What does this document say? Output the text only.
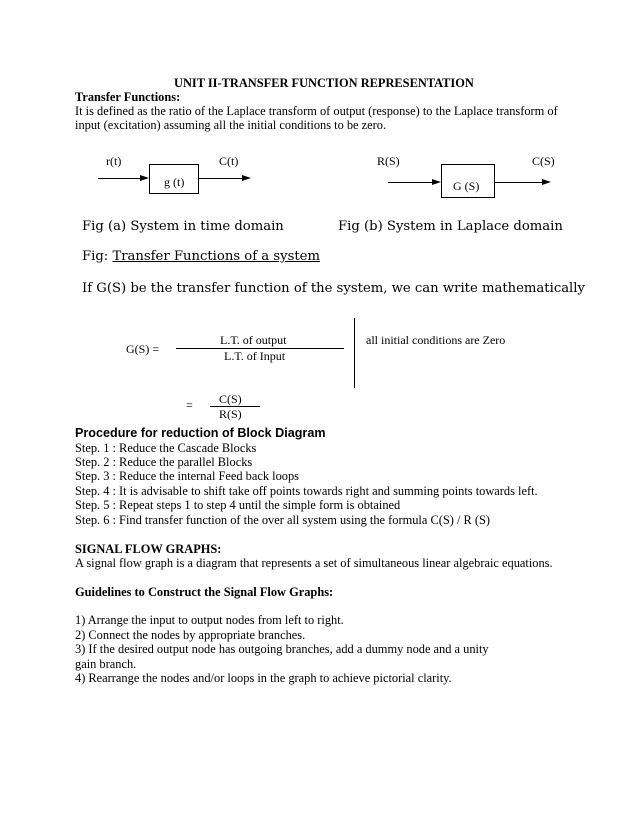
UNIT II-TRANSFER FUNCTION REPRESENTATION
Transfer Functions:
It is defined as the ratio of the Laplace transform of output (response) to the Laplace transform of
input (excitation) assuming all the initial conditions to be zero.
r(t)
g (t)
C(t)	R(S)
G (S)
C(S)
Fig (a) System in time domain	Fig (b) System in Laplace domain
Fig: Transfer Functions of a system
If G(S) be the transfer function of the system, we can write mathematically
G(S) =
L.T. of output
L.T. of Input
all initial conditions are Zero
= C(S)
R(S)
Procedure for reduction of Block Diagram
Step. 1 : Reduce the Cascade Blocks
Step. 2 : Reduce the parallel Blocks
Step. 3 : Reduce the internal Feed back loops
Step. 4 : It is advisable to shift take off points towards right and summing points towards left.
Step. 5 : Repeat steps 1 to step 4 until the simple form is obtained
Step. 6 : Find transfer function of the over all system using the formula C(S) / R (S)
SIGNAL FLOW GRAPHS:
A signal flow graph is a diagram that represents a set of simultaneous linear algebraic equations.
Guidelines to Construct the Signal Flow Graphs:
1) Arrange the input to output nodes from left to right.
2) Connect the nodes by appropriate branches.
3) If the desired output node has outgoing branches, add a dummy node and a unity
gain branch.
4) Rearrange the nodes and/or loops in the graph to achieve pictorial clarity.
